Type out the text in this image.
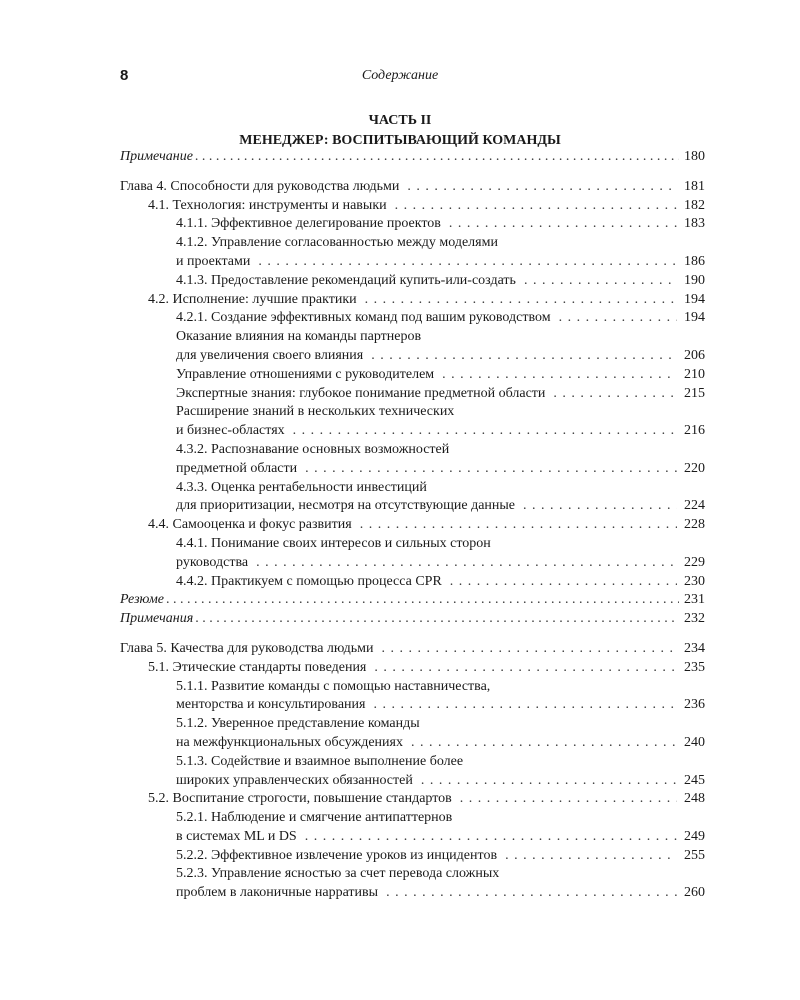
8	Содержание
ЧАСТЬ II
МЕНЕДЖЕР: ВОСПИТЫВАЮЩИЙ КОМАНДЫ
Примечание . . .	180
Глава 4. Способности для руководства людьми . . .	181
4.1. Технология: инструменты и навыки . . .	182
4.1.1. Эффективное делегирование проектов . . .	183
4.1.2. Управление согласованностью между моделями
и проектами . . .	186
4.1.3. Предоставление рекомендаций купить-или-создать . . .	190
4.2. Исполнение: лучшие практики . . .	194
4.2.1. Создание эффективных команд под вашим руководством . . .	194
Оказание влияния на команды партнеров
для увеличения своего влияния . . .	206
Управление отношениями с руководителем . . .	210
Экспертные знания: глубокое понимание предметной области . . .	215
Расширение знаний в нескольких технических
и бизнес-областях . . .	216
4.3.2. Распознавание основных возможностей
предметной области . . .	220
4.3.3. Оценка рентабельности инвестиций
для приоритизации, несмотря на отсутствующие данные . . .	224
4.4. Самооценка и фокус развития . . .	228
4.4.1. Понимание своих интересов и сильных сторон
руководства . . .	229
4.4.2. Практикуем с помощью процесса CPR . . .	230
Резюме . . .	231
Примечания . . .	232
Глава 5. Качества для руководства людьми . . .	234
5.1. Этические стандарты поведения . . .	235
5.1.1. Развитие команды с помощью наставничества,
менторства и консультирования . . .	236
5.1.2. Уверенное представление команды
на межфункциональных обсуждениях . . .	240
5.1.3. Содействие и взаимное выполнение более
широких управленческих обязанностей . . .	245
5.2. Воспитание строгости, повышение стандартов . . .	248
5.2.1. Наблюдение и смягчение антипаттернов
в системах ML и DS . . .	249
5.2.2. Эффективное извлечение уроков из инцидентов . . .	255
5.2.3. Управление ясностью за счет перевода сложных
проблем в лаконичные нарративы . . .	260
